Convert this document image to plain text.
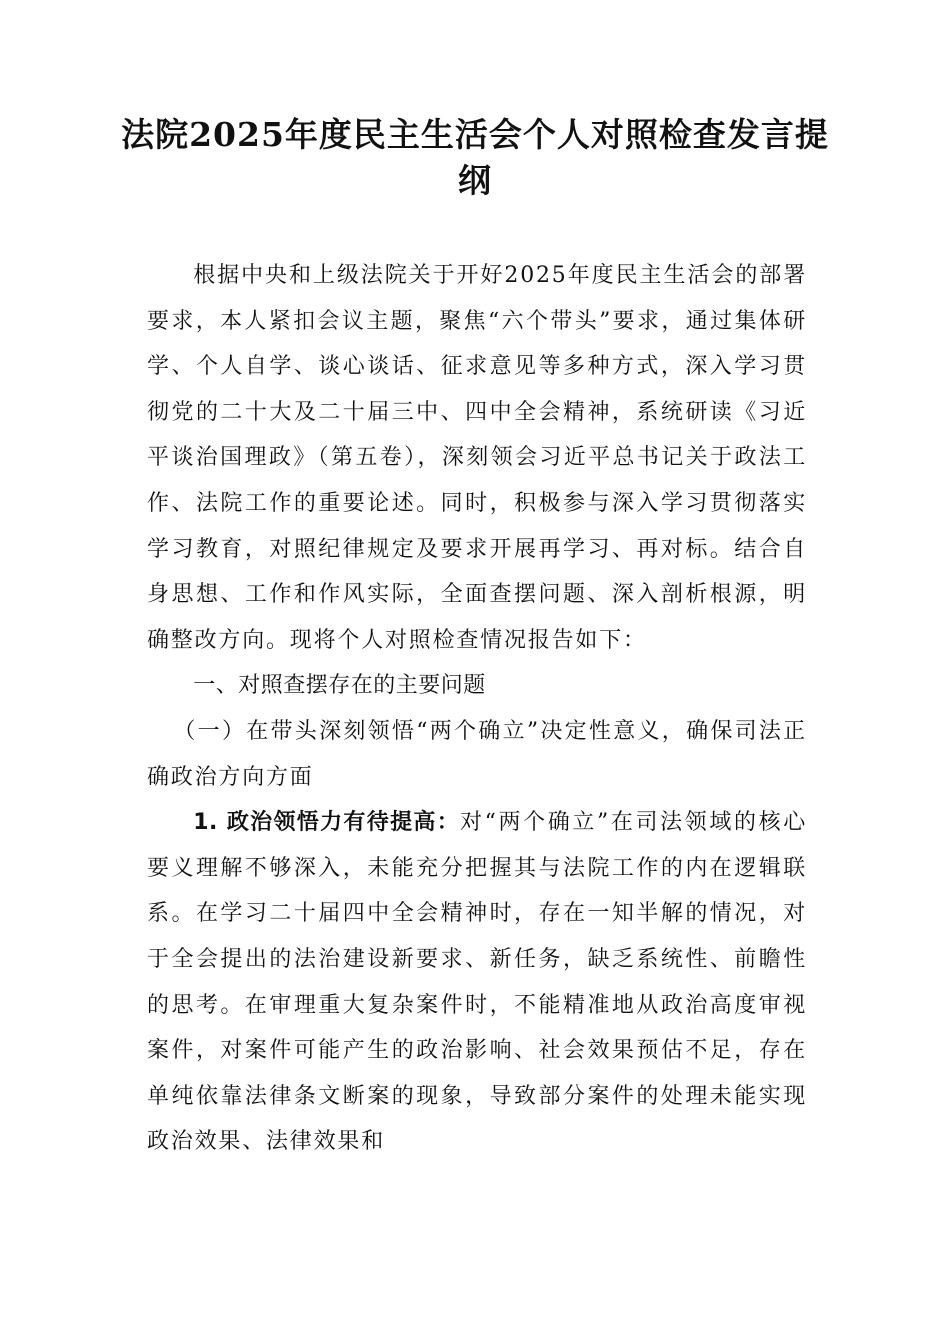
法院2025年度民主生活会个人对照检查发言提纲

根据中央和上级法院关于开好2025年度民主生活会的部署要求，本人紧扣会议主题，聚焦“六个带头”要求，通过集体研学、个人自学、谈心谈话、征求意见等多种方式，深入学习贯彻党的二十大及二十届三中、四中全会精神，系统研读《习近平谈治国理政》（第五卷），深刻领会习近平总书记关于政法工作、法院工作的重要论述。同时，积极参与深入学习贯彻落实学习教育，对照纪律规定及要求开展再学习、再对标。结合自身思想、工作和作风实际，全面查摆问题、深入剖析根源，明确整改方向。现将个人对照检查情况报告如下：

一、对照查摆存在的主要问题

（一）在带头深刻领悟“两个确立”决定性意义，确保司法正确政治方向方面

1. 政治领悟力有待提高：对“两个确立”在司法领域的核心要义理解不够深入，未能充分把握其与法院工作的内在逻辑联系。在学习二十届四中全会精神时，存在一知半解的情况，对于全会提出的法治建设新要求、新任务，缺乏系统性、前瞻性的思考。在审理重大复杂案件时，不能精准地从政治高度审视案件，对案件可能产生的政治影响、社会效果预估不足，存在单纯依靠法律条文断案的现象，导致部分案件的处理未能实现政治效果、法律效果和
